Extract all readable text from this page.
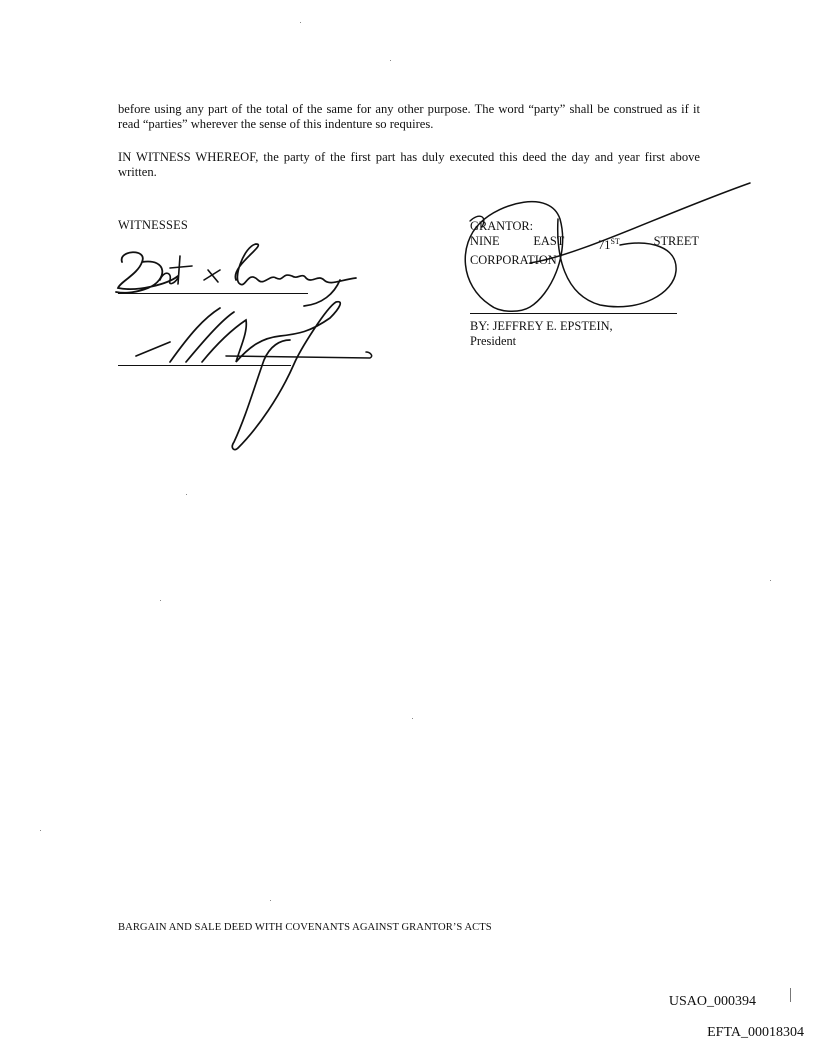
before using any part of the total of the same for any other purpose. The word “party” shall be construed as if it read “parties” wherever the sense of this indenture so requires.

IN WITNESS WHEREOF, the party of the first part has duly executed this deed the day and year first above written.

WITNESSES	GRANTOR:
NINE	EAST	71ST	STREET
CORPORATION
BY: JEFFREY E. EPSTEIN,
President
BARGAIN AND SALE DEED WITH COVENANTS AGAINST GRANTOR’S ACTS
USAO_000394
EFTA_00018304
